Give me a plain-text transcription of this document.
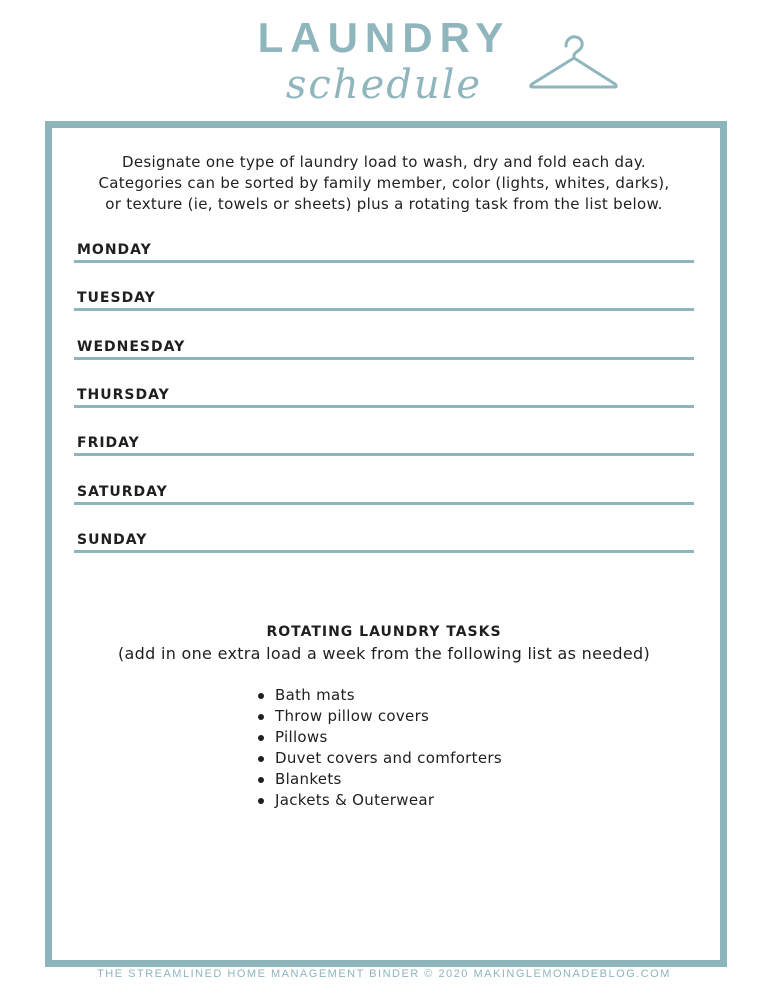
LAUNDRY
schedule
Designate one type of laundry load to wash, dry and fold each day.
Categories can be sorted by family member, color (lights, whites, darks),
or texture (ie, towels or sheets) plus a rotating task from the list below.
MONDAY
TUESDAY
WEDNESDAY
THURSDAY
FRIDAY
SATURDAY
SUNDAY
ROTATING LAUNDRY TASKS
(add in one extra load a week from the following list as needed)
Bath mats
Throw pillow covers
Pillows
Duvet covers and comforters
Blankets
Jackets & Outerwear
THE STREAMLINED HOME MANAGEMENT BINDER © 2020 MAKINGLEMONADEBLOG.COM
